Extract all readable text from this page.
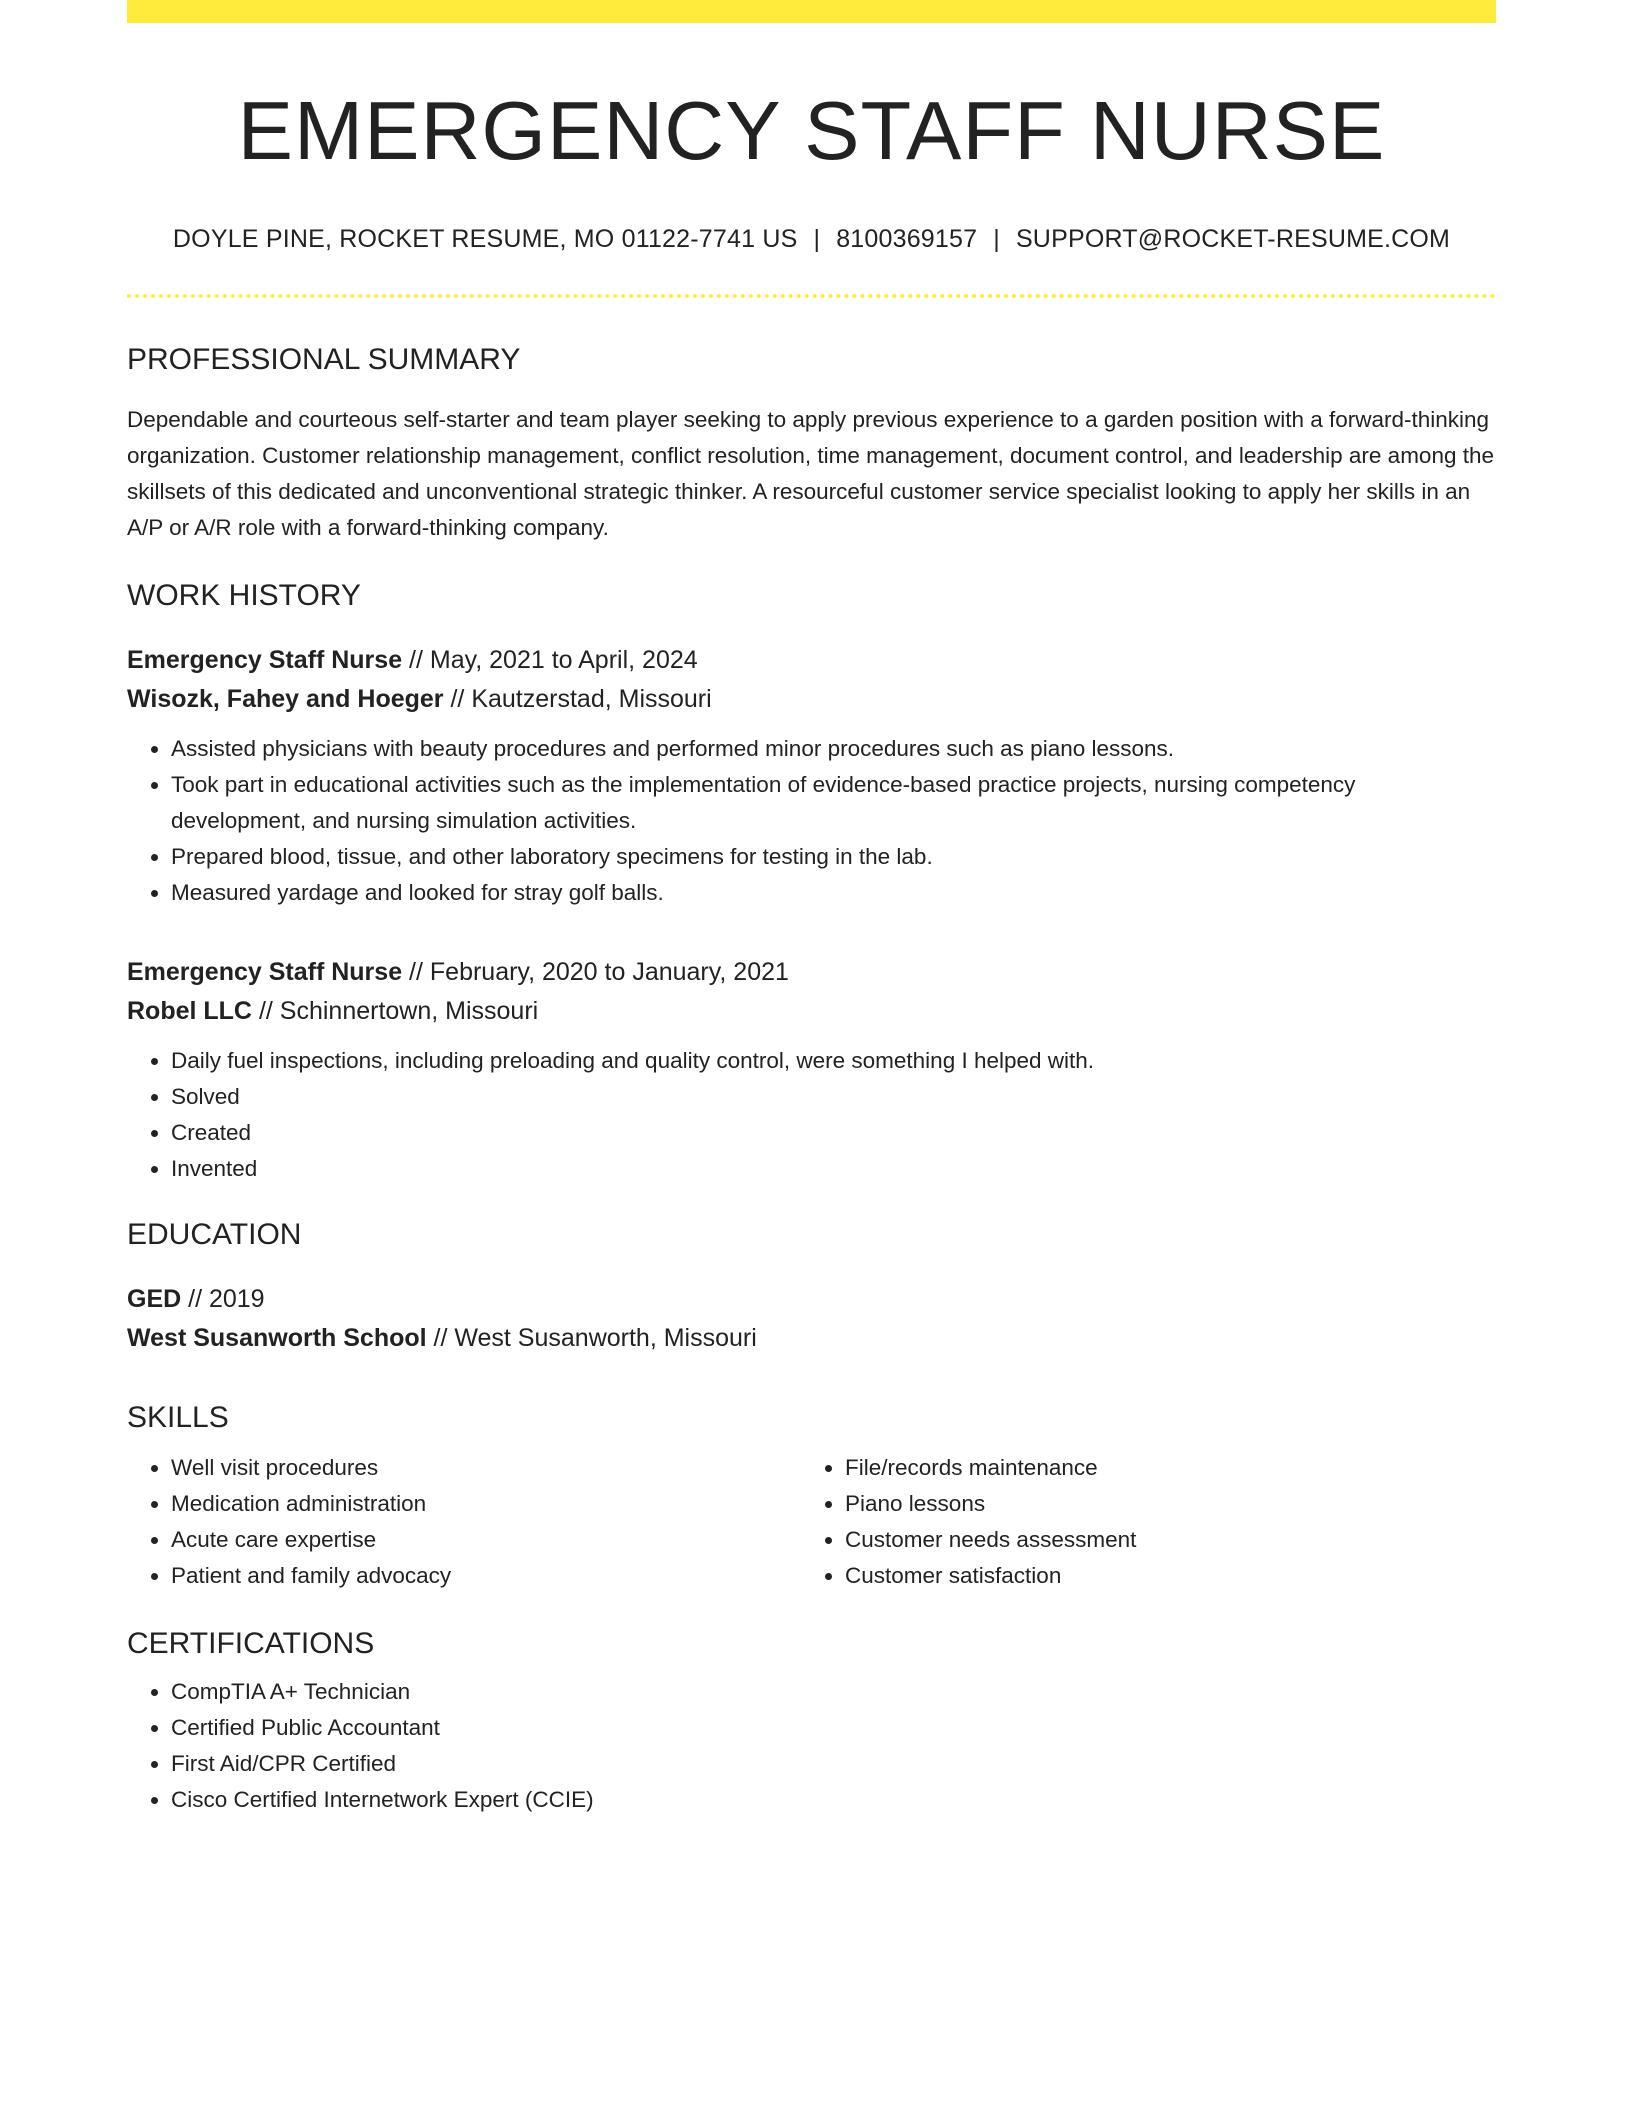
EMERGENCY STAFF NURSE
DOYLE PINE, ROCKET RESUME, MO 01122-7741 US | 8100369157 | SUPPORT@ROCKET-RESUME.COM
PROFESSIONAL SUMMARY
Dependable and courteous self-starter and team player seeking to apply previous experience to a garden position with a forward-thinking organization. Customer relationship management, conflict resolution, time management, document control, and leadership are among the skillsets of this dedicated and unconventional strategic thinker. A resourceful customer service specialist looking to apply her skills in an A/P or A/R role with a forward-thinking company.
WORK HISTORY
Emergency Staff Nurse // May, 2021 to April, 2024
Wisozk, Fahey and Hoeger // Kautzerstad, Missouri
• Assisted physicians with beauty procedures and performed minor procedures such as piano lessons.
• Took part in educational activities such as the implementation of evidence-based practice projects, nursing competency development, and nursing simulation activities.
• Prepared blood, tissue, and other laboratory specimens for testing in the lab.
• Measured yardage and looked for stray golf balls.
Emergency Staff Nurse // February, 2020 to January, 2021
Robel LLC // Schinnertown, Missouri
• Daily fuel inspections, including preloading and quality control, were something I helped with.
• Solved
• Created
• Invented
EDUCATION
GED // 2019
West Susanworth School // West Susanworth, Missouri
SKILLS
• Well visit procedures
• Medication administration
• Acute care expertise
• Patient and family advocacy
• File/records maintenance
• Piano lessons
• Customer needs assessment
• Customer satisfaction
CERTIFICATIONS
• CompTIA A+ Technician
• Certified Public Accountant
• First Aid/CPR Certified
• Cisco Certified Internetwork Expert (CCIE)
